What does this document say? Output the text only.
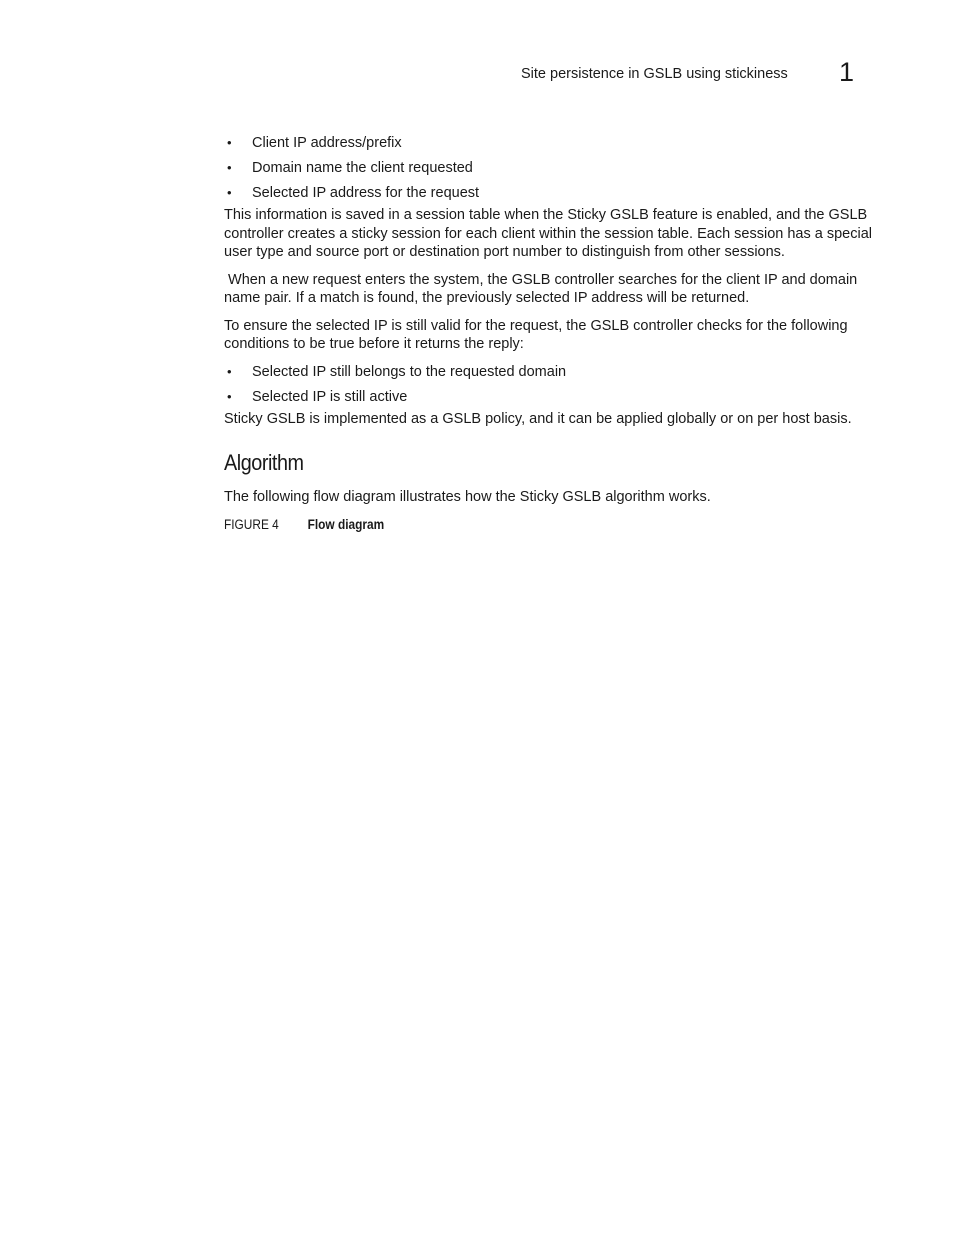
Site persistence in GSLB using stickiness 1
• Client IP address/prefix
• Domain name the client requested
• Selected IP address for the request

This information is saved in a session table when the Sticky GSLB feature is enabled, and the GSLB controller creates a sticky session for each client within the session table. Each session has a special user type and source port or destination port number to distinguish from other sessions.

When a new request enters the system, the GSLB controller searches for the client IP and domain name pair. If a match is found, the previously selected IP address will be returned.

To ensure the selected IP is still valid for the request, the GSLB controller checks for the following conditions to be true before it returns the reply:

• Selected IP still belongs to the requested domain
• Selected IP is still active

Sticky GSLB is implemented as a GSLB policy, and it can be applied globally or on per host basis.

Algorithm

The following flow diagram illustrates how the Sticky GSLB algorithm works.

FIGURE 4	Flow diagram
